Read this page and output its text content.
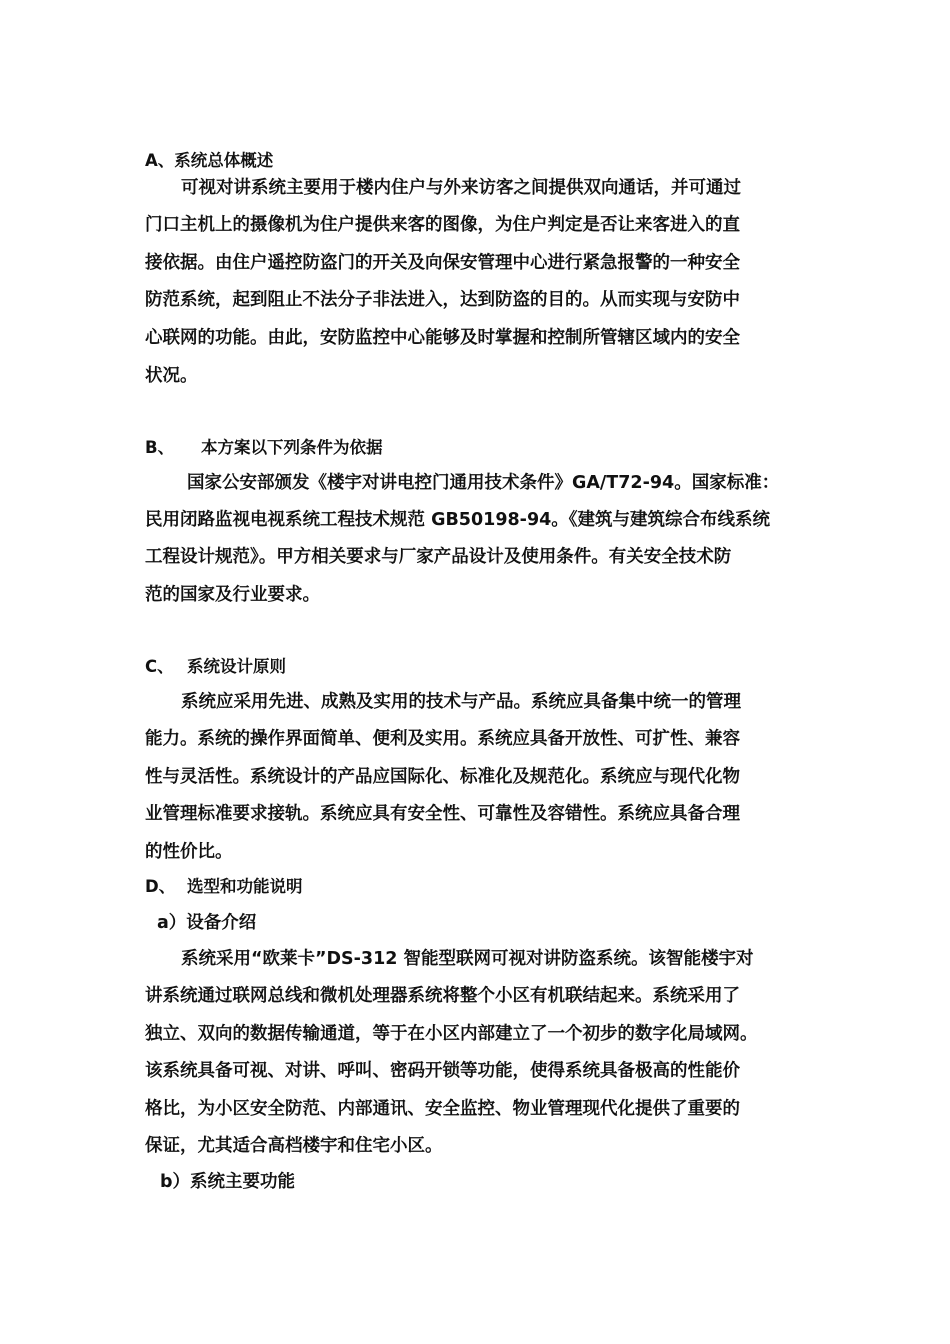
A、系统总体概述
可视对讲系统主要用于楼内住户与外来访客之间提供双向通话，并可通过
门口主机上的摄像机为住户提供来客的图像，为住户判定是否让来客进入的直
接依据。由住户遥控防盗门的开关及向保安管理中心进行紧急报警的一种安全
防范系统，起到阻止不法分子非法进入，达到防盗的目的。从而实现与安防中
心联网的功能。由此，安防监控中心能够及时掌握和控制所管辖区域内的安全
状况。
B、 本方案以下列条件为依据
国家公安部颁发《楼宇对讲电控门通用技术条件》GA/T72-94。国家标准：
民用闭路监视电视系统工程技术规范 GB50198-94。《建筑与建筑综合布线系统
工程设计规范》。甲方相关要求与厂家产品设计及使用条件。有关安全技术防
范的国家及行业要求。
C、 系统设计原则
系统应采用先进、成熟及实用的技术与产品。系统应具备集中统一的管理
能力。系统的操作界面简单、便利及实用。系统应具备开放性、可扩性、兼容
性与灵活性。系统设计的产品应国际化、标准化及规范化。系统应与现代化物
业管理标准要求接轨。系统应具有安全性、可靠性及容错性。系统应具备合理
的性价比。
D、 选型和功能说明
a）设备介绍
系统采用“欧莱卡”DS-312 智能型联网可视对讲防盗系统。该智能楼宇对
讲系统通过联网总线和微机处理器系统将整个小区有机联结起来。系统采用了
独立、双向的数据传输通道，等于在小区内部建立了一个初步的数字化局域网。
该系统具备可视、对讲、呼叫、密码开锁等功能，使得系统具备极高的性能价
格比，为小区安全防范、内部通讯、安全监控、物业管理现代化提供了重要的
保证，尤其适合高档楼宇和住宅小区。
b）系统主要功能
